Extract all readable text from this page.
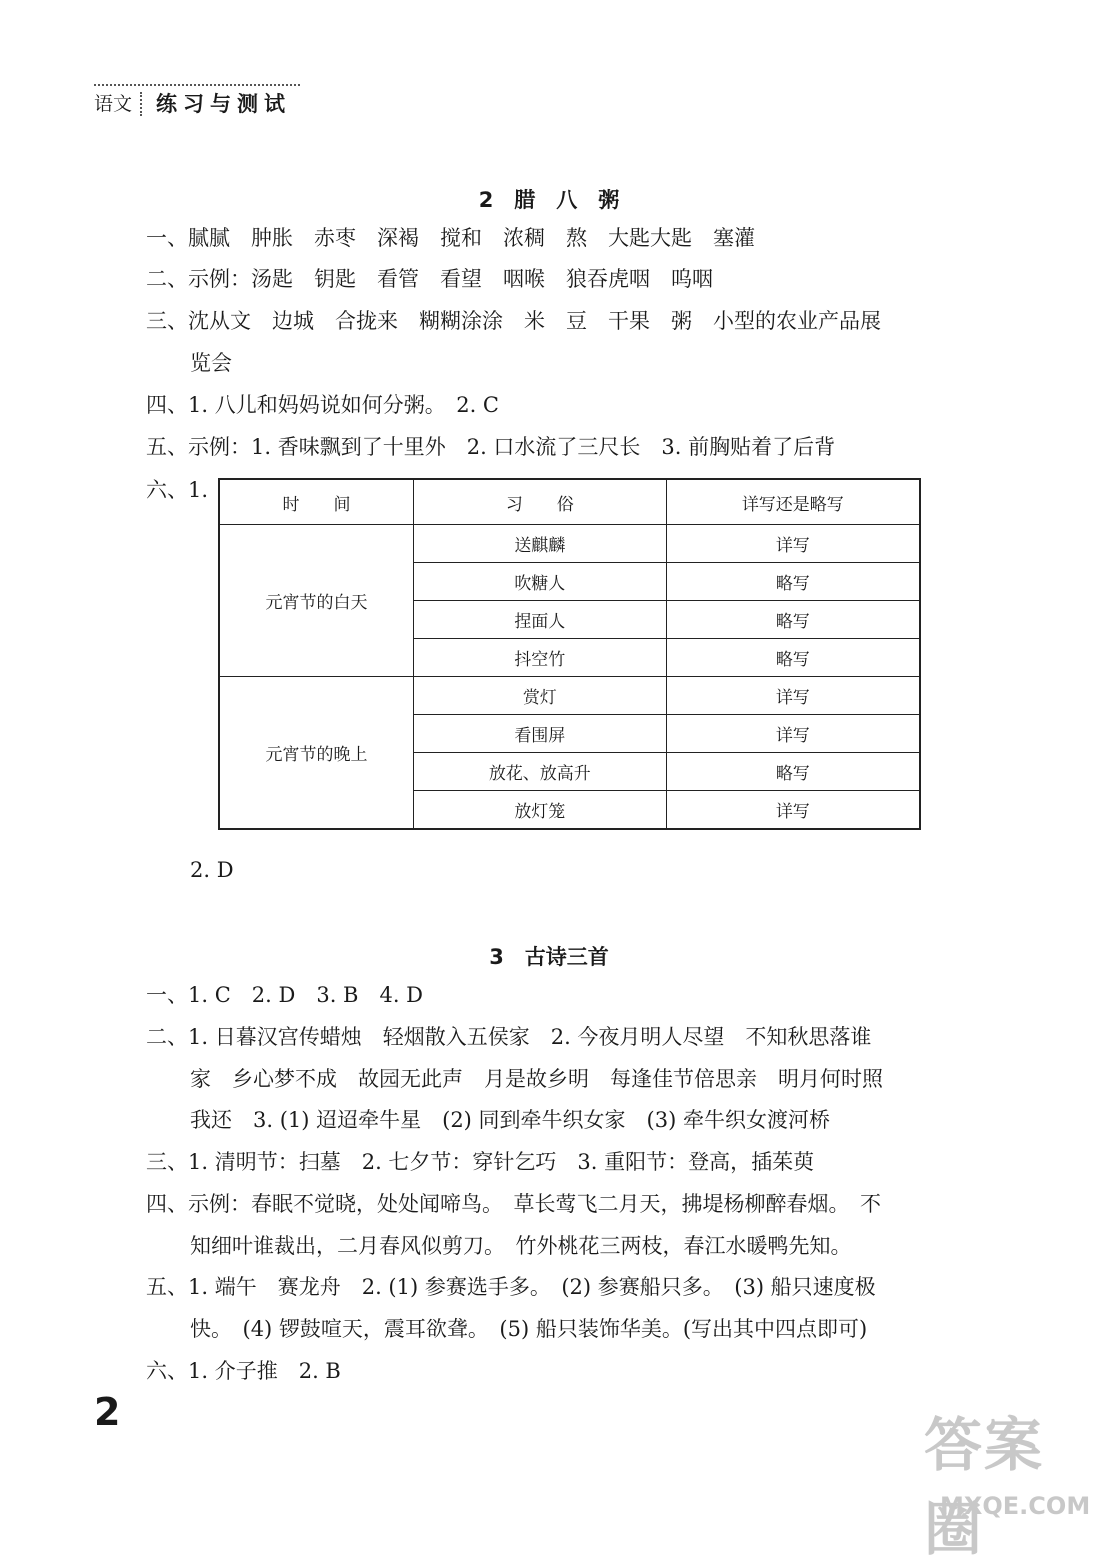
语文	练习与测试
2　腊　八　粥
一、腻腻　肿胀　赤枣　深褐　搅和　浓稠　熬　大匙大匙　塞灌
二、示例：汤匙　钥匙　看管　看望　咽喉　狼吞虎咽　呜咽
三、沈从文　边城　合拢来　糊糊涂涂　米　豆　干果　粥　小型的农业产品展
览会
四、1. 八儿和妈妈说如何分粥。　2. C
五、示例：1. 香味飘到了十里外　2. 口水流了三尺长　3. 前胸贴着了后背
六、1.
时　　间	习　　俗	详写还是略写
元宵节的白天	送麒麟	详写
	吹糖人	略写
	捏面人	略写
	抖空竹	略写
元宵节的晚上	赏灯	详写
	看围屏	详写
	放花、放高升	略写
	放灯笼	详写
2. D
3　古诗三首
一、1. C　2. D　3. B　4. D
二、1. 日暮汉宫传蜡烛　轻烟散入五侯家　2. 今夜月明人尽望　不知秋思落谁
家　乡心梦不成　故园无此声　月是故乡明　每逢佳节倍思亲　明月何时照
我还　3. (1) 迢迢牵牛星　(2) 同到牵牛织女家　(3) 牵牛织女渡河桥
三、1. 清明节：扫墓　2. 七夕节：穿针乞巧　3. 重阳节：登高，插茱萸
四、示例：春眠不觉晓，处处闻啼鸟。　草长莺飞二月天，拂堤杨柳醉春烟。　不
知细叶谁裁出，二月春风似剪刀。　竹外桃花三两枝，春江水暖鸭先知。
五、1. 端午　赛龙舟　2. (1) 参赛选手多。　(2) 参赛船只多。　(3) 船只速度极
快。　(4) 锣鼓喧天，震耳欲聋。　(5) 船只装饰华美。(写出其中四点即可)
六、1. 介子推　2. B
2	答案圈
MXQE.COM
